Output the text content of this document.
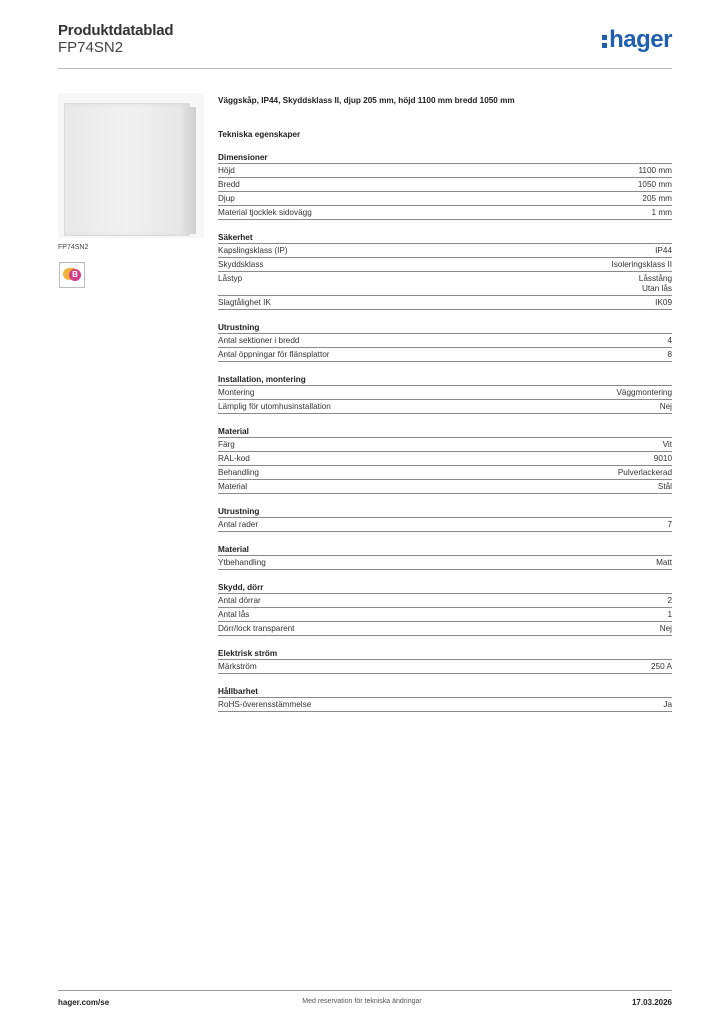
Produktdatablad
FP74SN2	hager
FP74SN2
B
Väggskåp, IP44, Skyddsklass II, djup 205 mm, höjd 1100 mm bredd 1050 mm
Tekniska egenskaper
Dimensioner
Höjd	1100 mm
Bredd	1050 mm
Djup	205 mm
Material tjocklek sidovägg	1 mm
Säkerhet
Kapslingsklass (IP)	IP44
Skyddsklass	Isoleringsklass II
Låstyp	Låsstång
Utan lås
Slagtålighet IK	IK09
Utrustning
Antal sektioner i bredd	4
Antal öppningar för flänsplattor	8
Installation, montering
Montering	Väggmontering
Lämplig för utomhusinstallation	Nej
Material
Färg	Vit
RAL-kod	9010
Behandling	Pulverlackerad
Material	Stål
Utrustning
Antal rader	7
Material
Ytbehandling	Matt
Skydd, dörr
Antal dörrar	2
Antal lås	1
Dörr/lock transparent	Nej
Elektrisk ström
Märkström	250 A
Hållbarhet
RoHS-överensstämmelse	Ja
hager.com/se	Med reservation för tekniska ändringar	17.03.2026
